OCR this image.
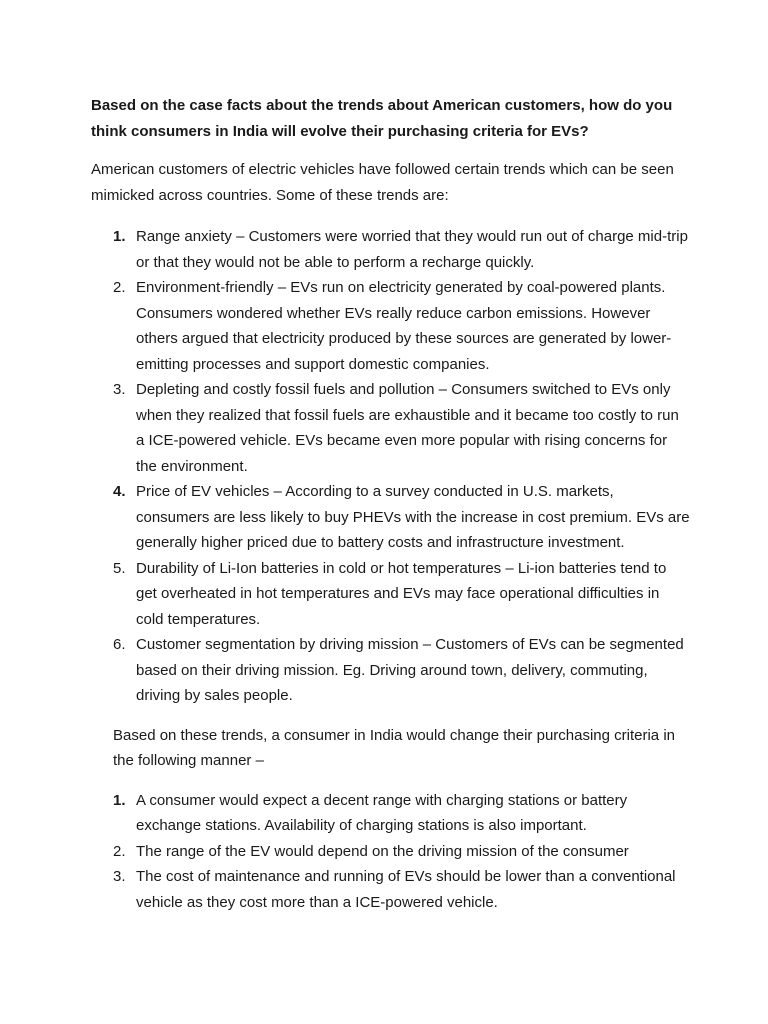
Based on the case facts about the trends about American customers, how do you think consumers in India will evolve their purchasing criteria for EVs?

American customers of electric vehicles have followed certain trends which can be seen mimicked across countries. Some of these trends are:

1. Range anxiety – Customers were worried that they would run out of charge mid-trip or that they would not be able to perform a recharge quickly.
2. Environment-friendly – EVs run on electricity generated by coal-powered plants. Consumers wondered whether EVs really reduce carbon emissions. However others argued that electricity produced by these sources are generated by lower-emitting processes and support domestic companies.
3. Depleting and costly fossil fuels and pollution – Consumers switched to EVs only when they realized that fossil fuels are exhaustible and it became too costly to run a ICE-powered vehicle. EVs became even more popular with rising concerns for the environment.
4. Price of EV vehicles – According to a survey conducted in U.S. markets, consumers are less likely to buy PHEVs with the increase in cost premium. EVs are generally higher priced due to battery costs and infrastructure investment.
5. Durability of Li-Ion batteries in cold or hot temperatures – Li-ion batteries tend to get overheated in hot temperatures and EVs may face operational difficulties in cold temperatures.
6. Customer segmentation by driving mission – Customers of EVs can be segmented based on their driving mission. Eg. Driving around town, delivery, commuting, driving by sales people.

Based on these trends, a consumer in India would change their purchasing criteria in the following manner –

1. A consumer would expect a decent range with charging stations or battery exchange stations. Availability of charging stations is also important.
2. The range of the EV would depend on the driving mission of the consumer
3. The cost of maintenance and running of EVs should be lower than a conventional vehicle as they cost more than a ICE-powered vehicle.
